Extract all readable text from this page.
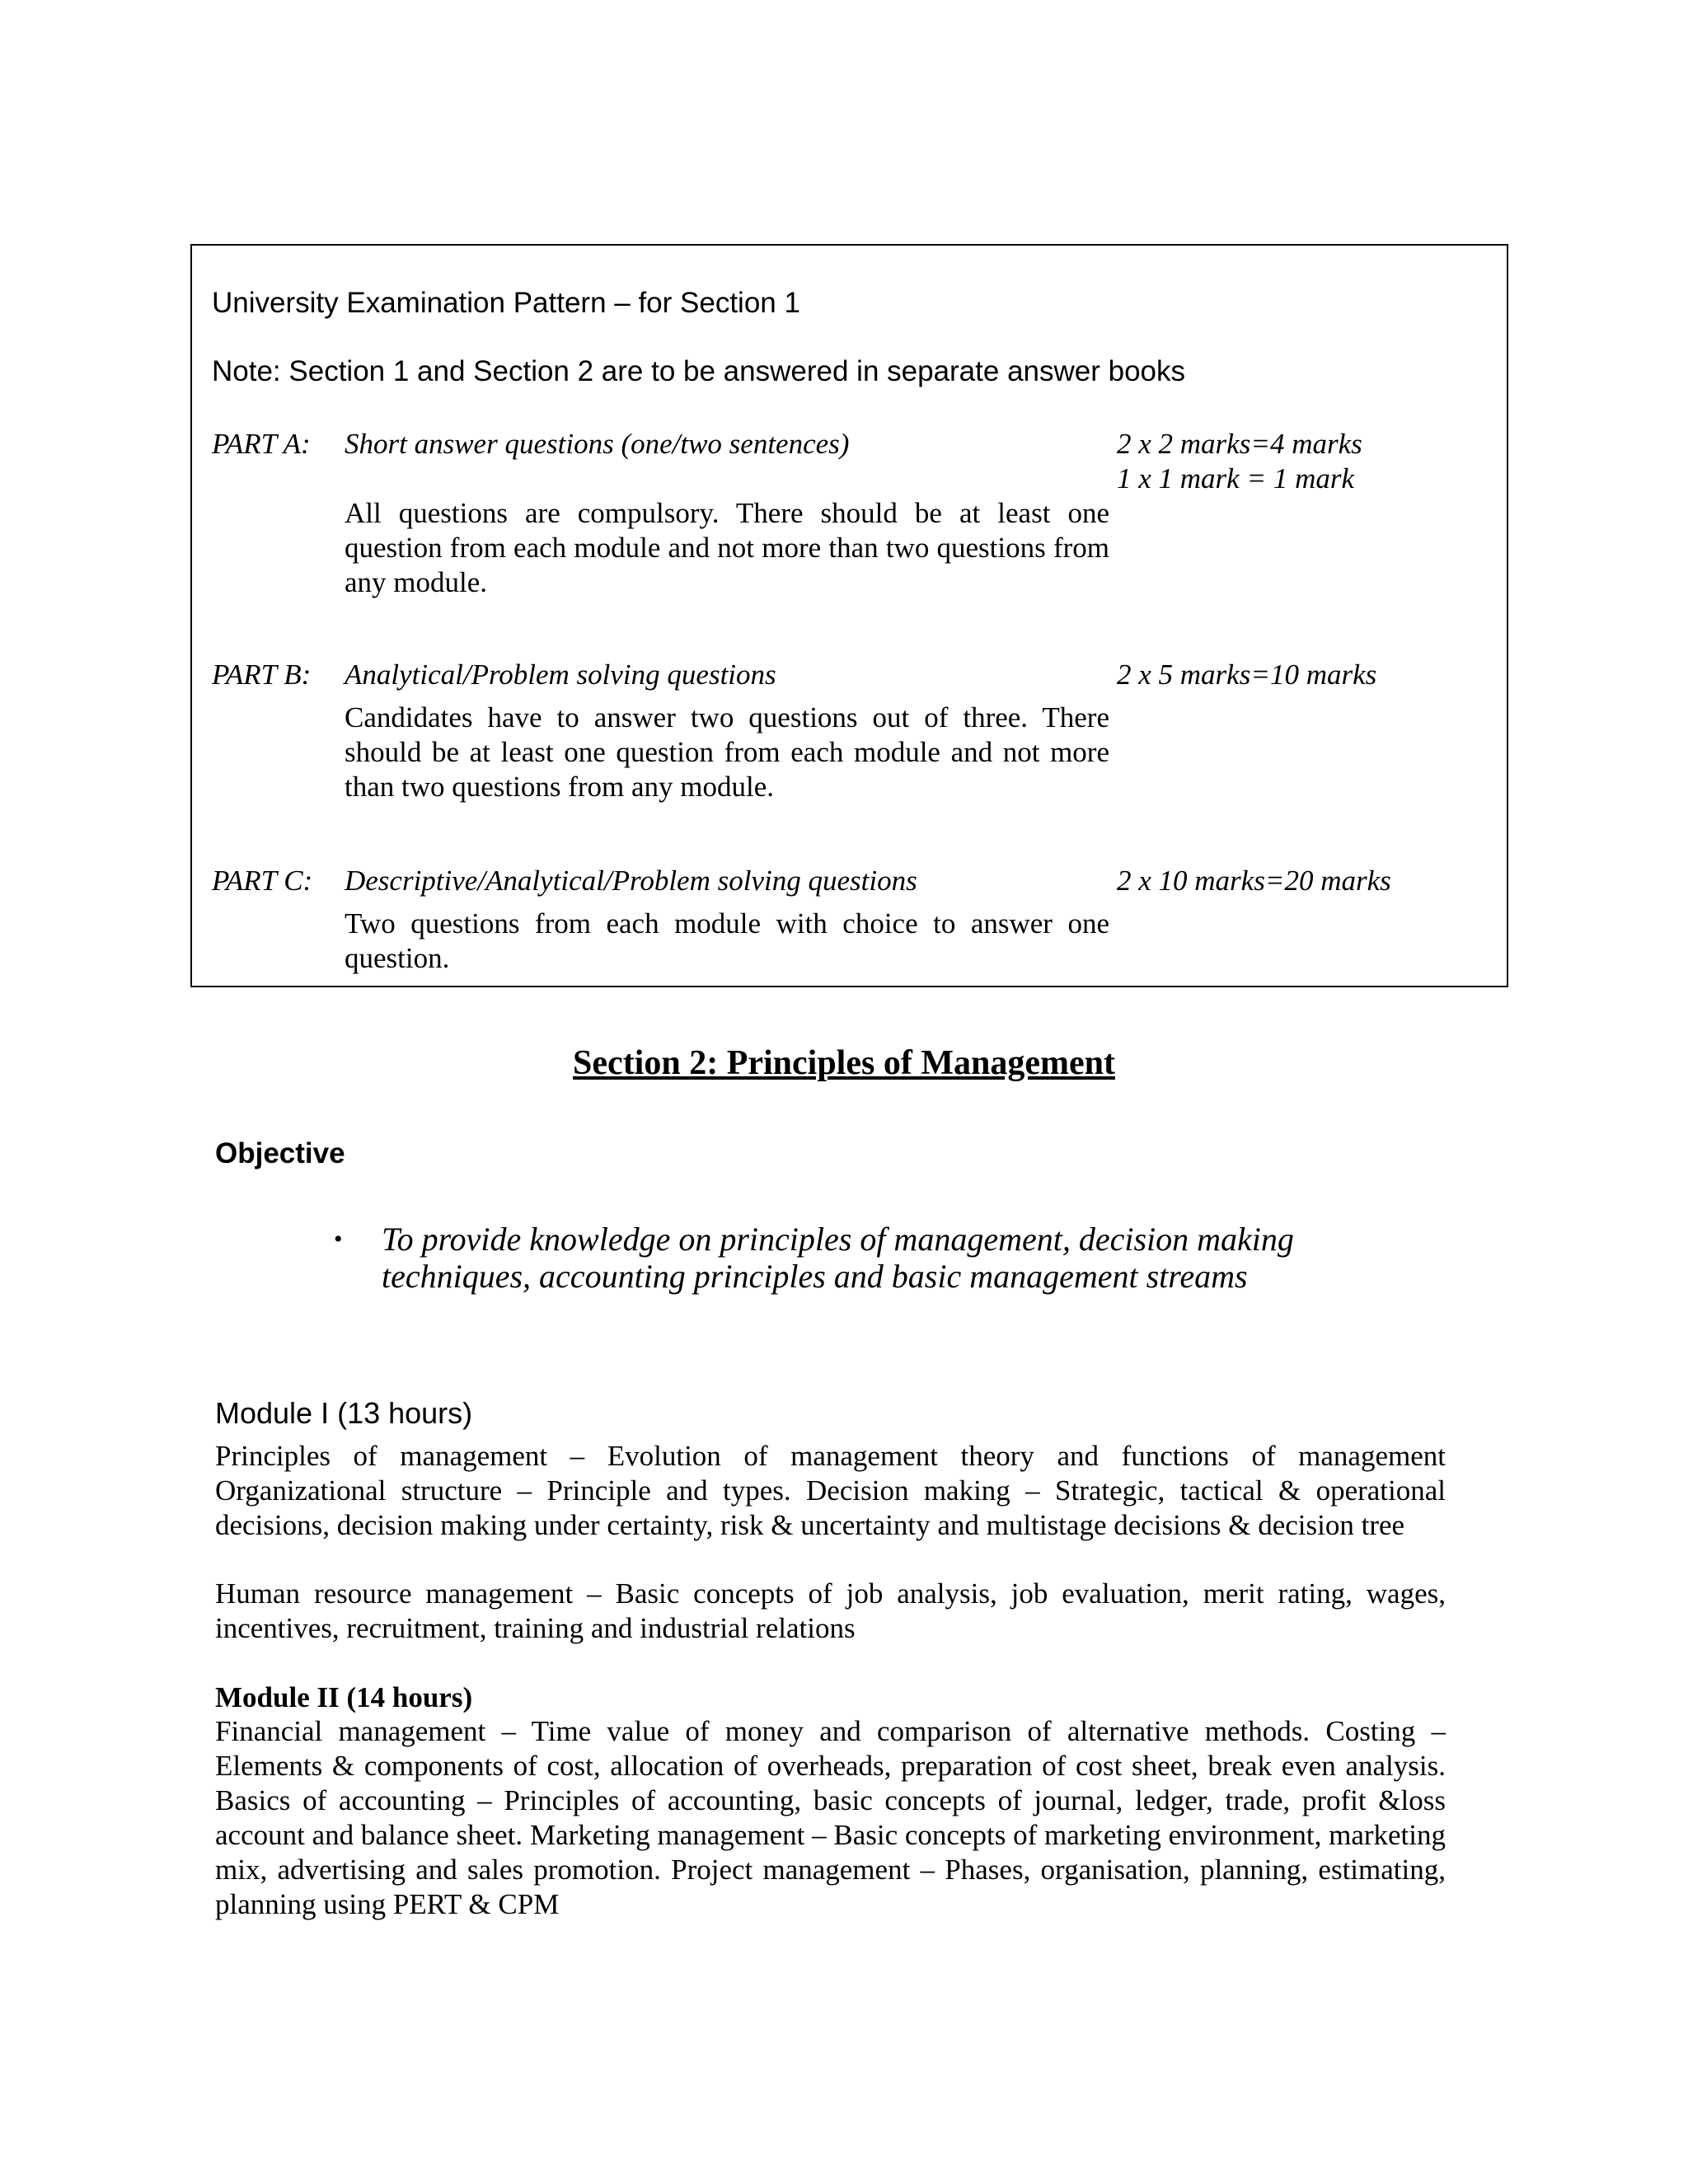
University Examination Pattern – for Section 1
Note: Section 1 and Section 2 are to be answered in separate answer books
PART A: Short answer questions (one/two sentences)	2 x 2 marks=4 marks
1 x 1 mark = 1 mark
All questions are compulsory. There should be at least one question from each module and not more than two questions from any module.
PART B: Analytical/Problem solving questions	2 x 5 marks=10 marks
Candidates have to answer two questions out of three. There should be at least one question from each module and not more than two questions from any module.
PART C: Descriptive/Analytical/Problem solving questions	2 x 10 marks=20 marks
Two questions from each module with choice to answer one question.
Section 2: Principles of Management
Objective
• To provide knowledge on principles of management, decision making techniques, accounting principles and basic management streams
Module I (13 hours)
Principles of management – Evolution of management theory and functions of management Organizational structure – Principle and types. Decision making – Strategic, tactical & operational decisions, decision making under certainty, risk & uncertainty and multistage decisions & decision tree
Human resource management – Basic concepts of job analysis, job evaluation, merit rating, wages, incentives, recruitment, training and industrial relations
Module II (14 hours)
Financial management – Time value of money and comparison of alternative methods. Costing – Elements & components of cost, allocation of overheads, preparation of cost sheet, break even analysis. Basics of accounting – Principles of accounting, basic concepts of journal, ledger, trade, profit &loss account and balance sheet. Marketing management – Basic concepts of marketing environment, marketing mix, advertising and sales promotion. Project management – Phases, organisation, planning, estimating, planning using PERT & CPM
